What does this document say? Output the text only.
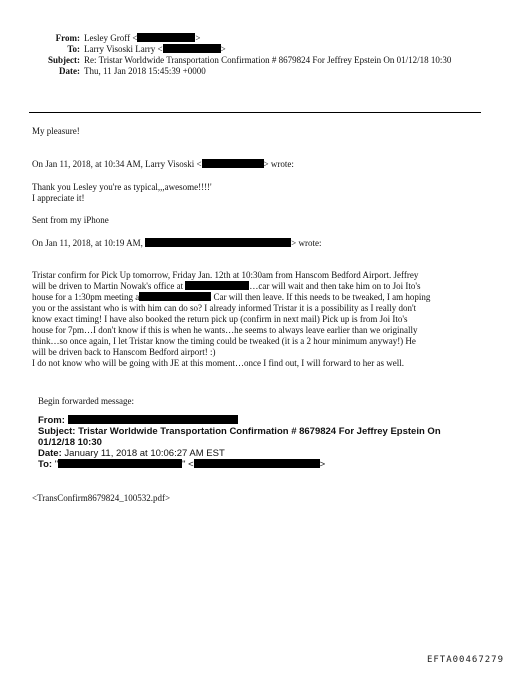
From: Lesley Groff <	>
To: Larry Visoski Larry <	>
Subject: Re: Tristar Worldwide Transportation Confirmation # 8679824 For Jeffrey Epstein On 01/12/18 10:30
Date: Thu, 11 Jan 2018 15:45:39 +0000
My pleasure!
On Jan 11, 2018, at 10:34 AM, Larry Visoski <	> wrote:
Thank you Lesley you're as typical,,,awesome!!!!'
I appreciate it!
Sent from my iPhone
On Jan 11, 2018, at 10:19 AM,	> wrote:
Tristar confirm for Pick Up tomorrow, Friday Jan. 12th at 10:30am from Hanscom Bedford Airport. Jeffrey
will be driven to Martin Nowak's office at	…car will wait and then take him on to Joi Ito's
house for a 1:30pm meeting a	Car will then leave. If this needs to be tweaked, I am hoping
you or the assistant who is with him can do so? I already informed Tristar it is a possibility as I really don't
know exact timing! I have also booked the return pick up (confirm in next mail) Pick up is from Joi Ito's
house for 7pm…I don't know if this is when he wants…he seems to always leave earlier than we originally
think…so once again, I let Tristar know the timing could be tweaked (it is a 2 hour minimum anyway!) He
will be driven back to Hanscom Bedford airport! :)
I do not know who will be going with JE at this moment…once I find out, I will forward to her as well.
Begin forwarded message:
From:
Subject: Tristar Worldwide Transportation Confirmation # 8679824 For Jeffrey Epstein On
01/12/18 10:30
Date: January 11, 2018 at 10:06:27 AM EST
To: "	" <	>
<TransConfirm8679824_100532.pdf>
EFTA00467279
